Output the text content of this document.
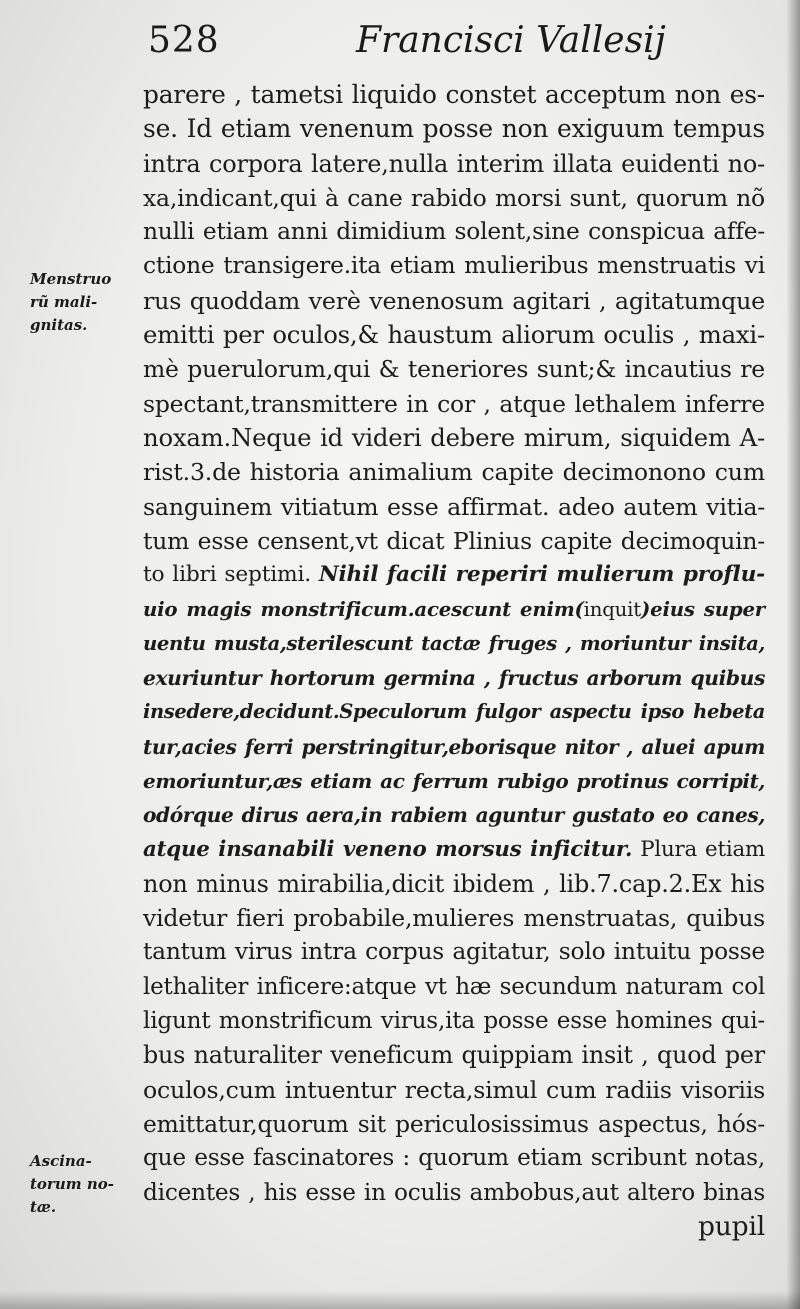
528	Francisci Vallesij
Menstruo
rũ mali-
gnitas.
Ascina-
torum no-
tæ.
parere , tametsi liquido constet acceptum non es-
se. Id etiam venenum posse non exiguum tempus
intra corpora latere,nulla interim illata euidenti no-
xa,indicant,qui à cane rabido morsi sunt, quorum nõ
nulli etiam anni dimidium solent,sine conspicua affe-
ctione transigere.ita etiam mulieribus menstruatis vi
rus quoddam verè venenosum agitari , agitatumque
emitti per oculos,& haustum aliorum oculis , maxi-
mè puerulorum,qui & teneriores sunt;& incautius re
spectant,transmittere in cor , atque lethalem inferre
noxam.Neque id videri debere mirum, siquidem A-
rist.3.de historia animalium capite decimonono cum
sanguinem vitiatum esse affirmat. adeo autem vitia-
tum esse censent,vt dicat Plinius capite decimoquin-
to libri septimi. Nihil facili reperiri mulierum proflu-
uio magis monstrificum.acescunt enim(inquit)eius super
uentu musta,sterilescunt tactæ fruges , moriuntur insita,
exuriuntur hortorum germina , fructus arborum quibus
insedere,decidunt.Speculorum fulgor aspectu ipso hebeta
tur,acies ferri perstringitur,eborisque nitor , aluei apum
emoriuntur,æs etiam ac ferrum rubigo protinus corripit,
odórque dirus aera,in rabiem aguntur gustato eo canes,
atque insanabili veneno morsus inficitur. Plura etiam
non minus mirabilia,dicit ibidem , lib.7.cap.2.Ex his
videtur fieri probabile,mulieres menstruatas, quibus
tantum virus intra corpus agitatur, solo intuitu posse
lethaliter inficere:atque vt hæ secundum naturam col
ligunt monstrificum virus,ita posse esse homines qui-
bus naturaliter veneficum quippiam insit , quod per
oculos,cum intuentur recta,simul cum radiis visoriis
emittatur,quorum sit periculosissimus aspectus, hós-
que esse fascinatores : quorum etiam scribunt notas,
dicentes , his esse in oculis ambobus,aut altero binas
pupil
